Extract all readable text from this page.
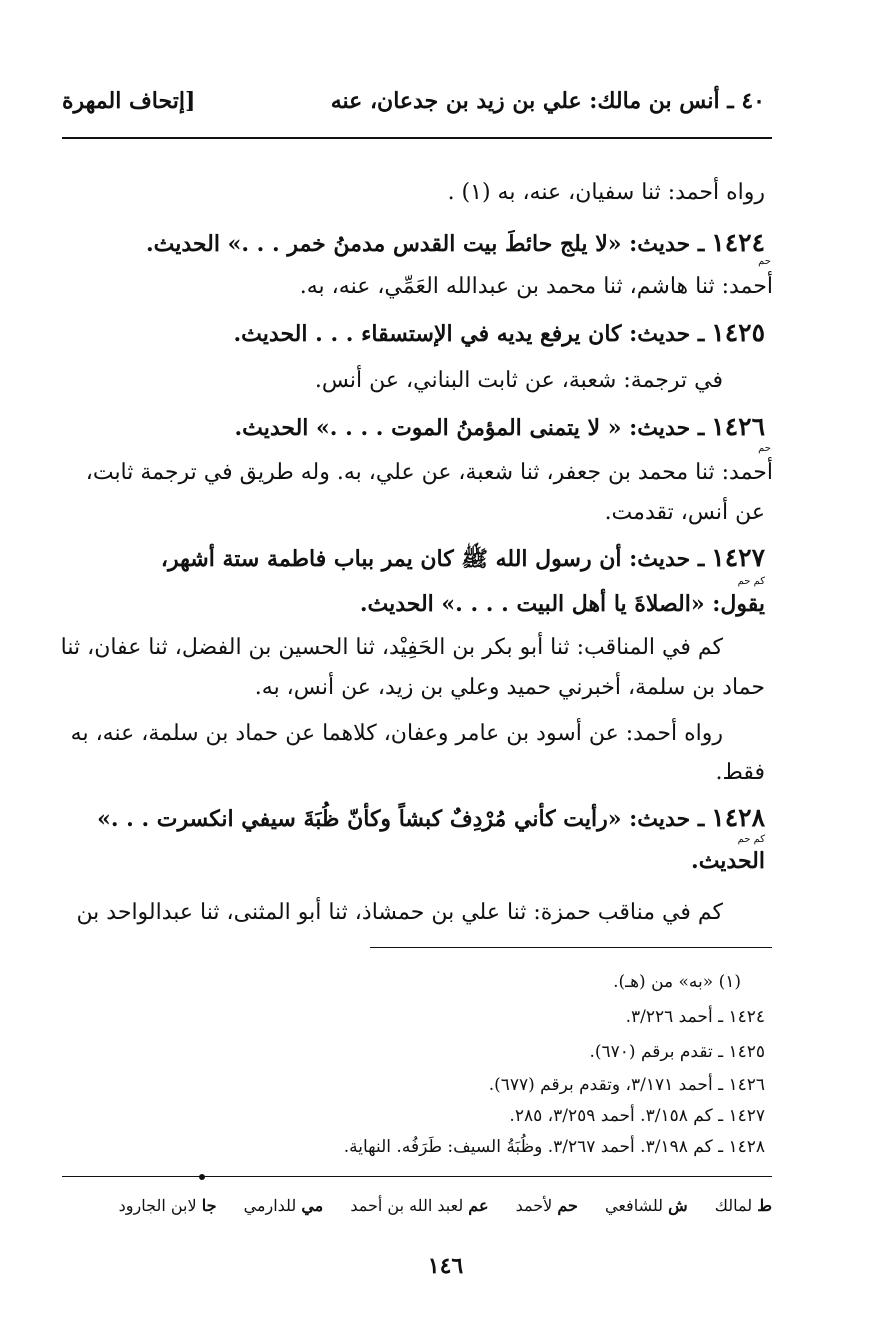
٤٠ ـ أنس بن مالك: علي بن زيد بن جدعان، عنه
[إتحاف المهرة
رواه أحمد: ثنا سفيان، عنه، به (١) .
١٤٢٤ ـ حديث: «لا يلج حائطَ بيت القدس مدمنُ خمر . . .» الحديث.
حم
أحمد: ثنا هاشم، ثنا محمد بن عبدالله العَمِّي، عنه، به.
١٤٢٥ ـ حديث: كان يرفع يديه في الإستسقاء . . . الحديث.
في ترجمة: شعبة، عن ثابت البناني، عن أنس.
١٤٢٦ ـ حديث: « لا يتمنى المؤمنُ الموت . . . .» الحديث.
حم
أحمد: ثنا محمد بن جعفر، ثنا شعبة، عن علي، به. وله طريق في ترجمة ثابت،
عن أنس، تقدمت.
١٤٢٧ ـ حديث: أن رسول الله ﷺ كان يمر بباب فاطمة ستة أشهر،
كم حم
يقول: «الصلاةَ يا أهل البيت . . . .» الحديث.
كم في المناقب: ثنا أبو بكر بن الحَفِيْد، ثنا الحسين بن الفضل، ثنا عفان، ثنا
حماد بن سلمة، أخبرني حميد وعلي بن زيد، عن أنس، به.
رواه أحمد: عن أسود بن عامر وعفان، كلاهما عن حماد بن سلمة، عنه، به
فقط.
١٤٢٨ ـ حديث: «رأيت كأني مُرْدِفٌ كبشاً وكأنّ ظُبَةَ سيفي انكسرت . . .»
كم حم
الحديث.
كم في مناقب حمزة: ثنا علي بن حمشاذ، ثنا أبو المثنى، ثنا عبدالواحد بن
(١) «به» من (هـ).
١٤٢٤ ـ أحمد ٣/٢٢٦.
١٤٢٥ ـ تقدم برقم (٦٧٠).
١٤٢٦ ـ أحمد ٣/١٧١، وتقدم برقم (٦٧٧).
١٤٢٧ ـ كم ٣/١٥٨. أحمد ٣/٢٥٩، ٢٨٥.
١٤٢٨ ـ كم ٣/١٩٨. أحمد ٣/٢٦٧. وظُبَةُ السيف: طَرَفُه. النهاية.
ط لمالك ش للشافعي حم لأحمد عم لعبد الله بن أحمد مي للدارمي جا لابن الجارود
١٤٦
